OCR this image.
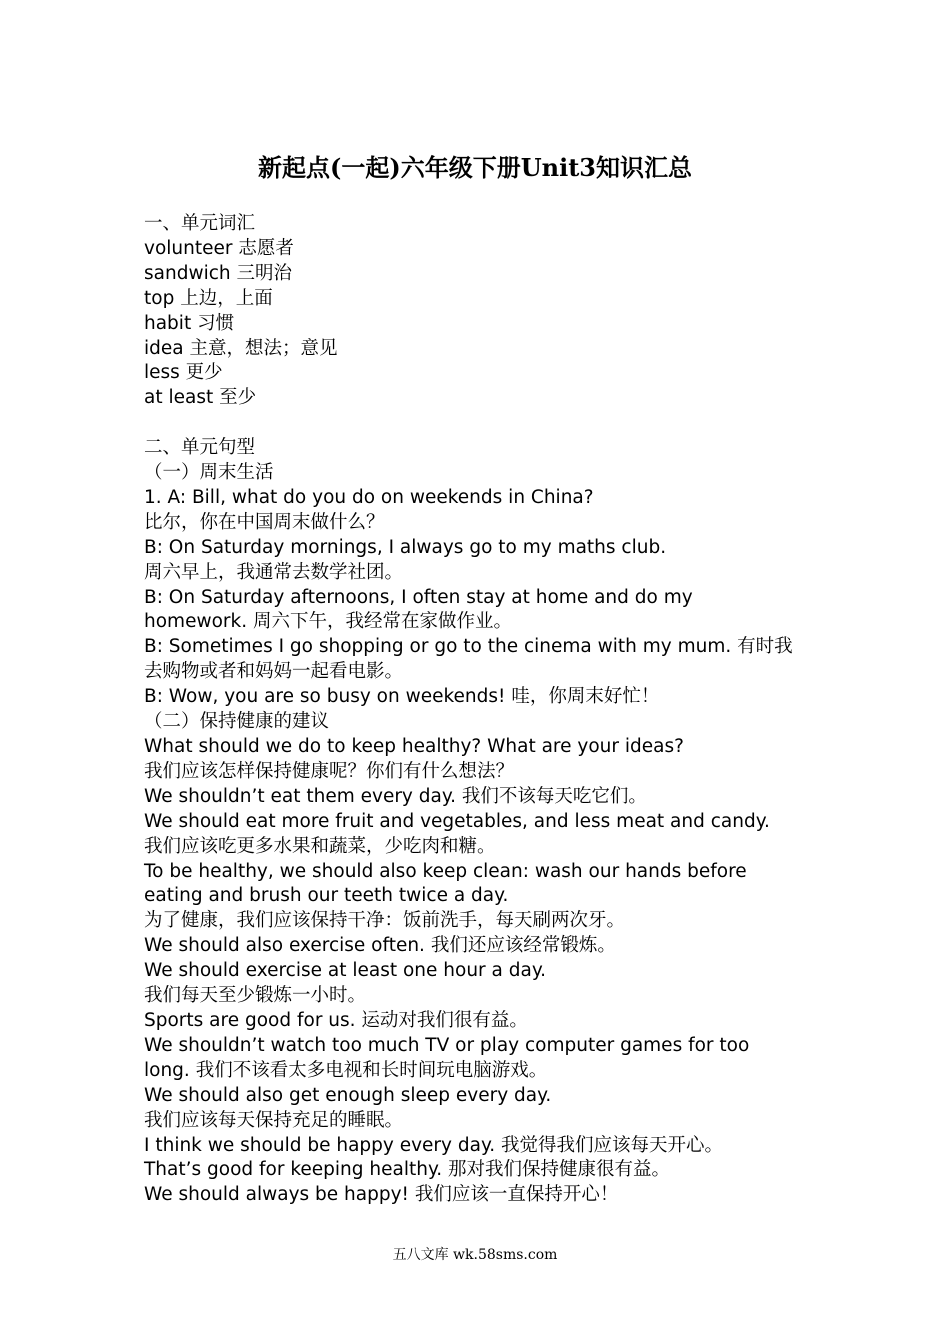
新起点(一起)六年级下册Unit3知识汇总

一、单元词汇

volunteer 志愿者

sandwich 三明治

top 上边，上面

habit 习惯

idea 主意，想法；意见

less 更少

at least 至少

二、单元句型

（一）周末生活

1. A: Bill, what do you do on weekends in China?

比尔，你在中国周末做什么？

B: On Saturday mornings, I always go to my maths club.

周六早上，我通常去数学社团。

B: On Saturday afternoons, I often stay at home and do my

homework. 周六下午，我经常在家做作业。

B: Sometimes I go shopping or go to the cinema with my mum. 有时我

去购物或者和妈妈一起看电影。

B: Wow, you are so busy on weekends! 哇，你周末好忙！

（二）保持健康的建议

What should we do to keep healthy? What are your ideas?

我们应该怎样保持健康呢？你们有什么想法？

We shouldn’t eat them every day. 我们不该每天吃它们。

We should eat more fruit and vegetables, and less meat and candy.

我们应该吃更多水果和蔬菜，少吃肉和糖。

To be healthy, we should also keep clean: wash our hands before

eating and brush our teeth twice a day.

为了健康，我们应该保持干净：饭前洗手，每天刷两次牙。

We should also exercise often. 我们还应该经常锻炼。

We should exercise at least one hour a day.

我们每天至少锻炼一小时。

Sports are good for us. 运动对我们很有益。

We shouldn’t watch too much TV or play computer games for too

long. 我们不该看太多电视和长时间玩电脑游戏。

We should also get enough sleep every day.

我们应该每天保持充足的睡眠。

I think we should be happy every day. 我觉得我们应该每天开心。

That’s good for keeping healthy. 那对我们保持健康很有益。

We should always be happy! 我们应该一直保持开心！

五八文库 wk.58sms.com
